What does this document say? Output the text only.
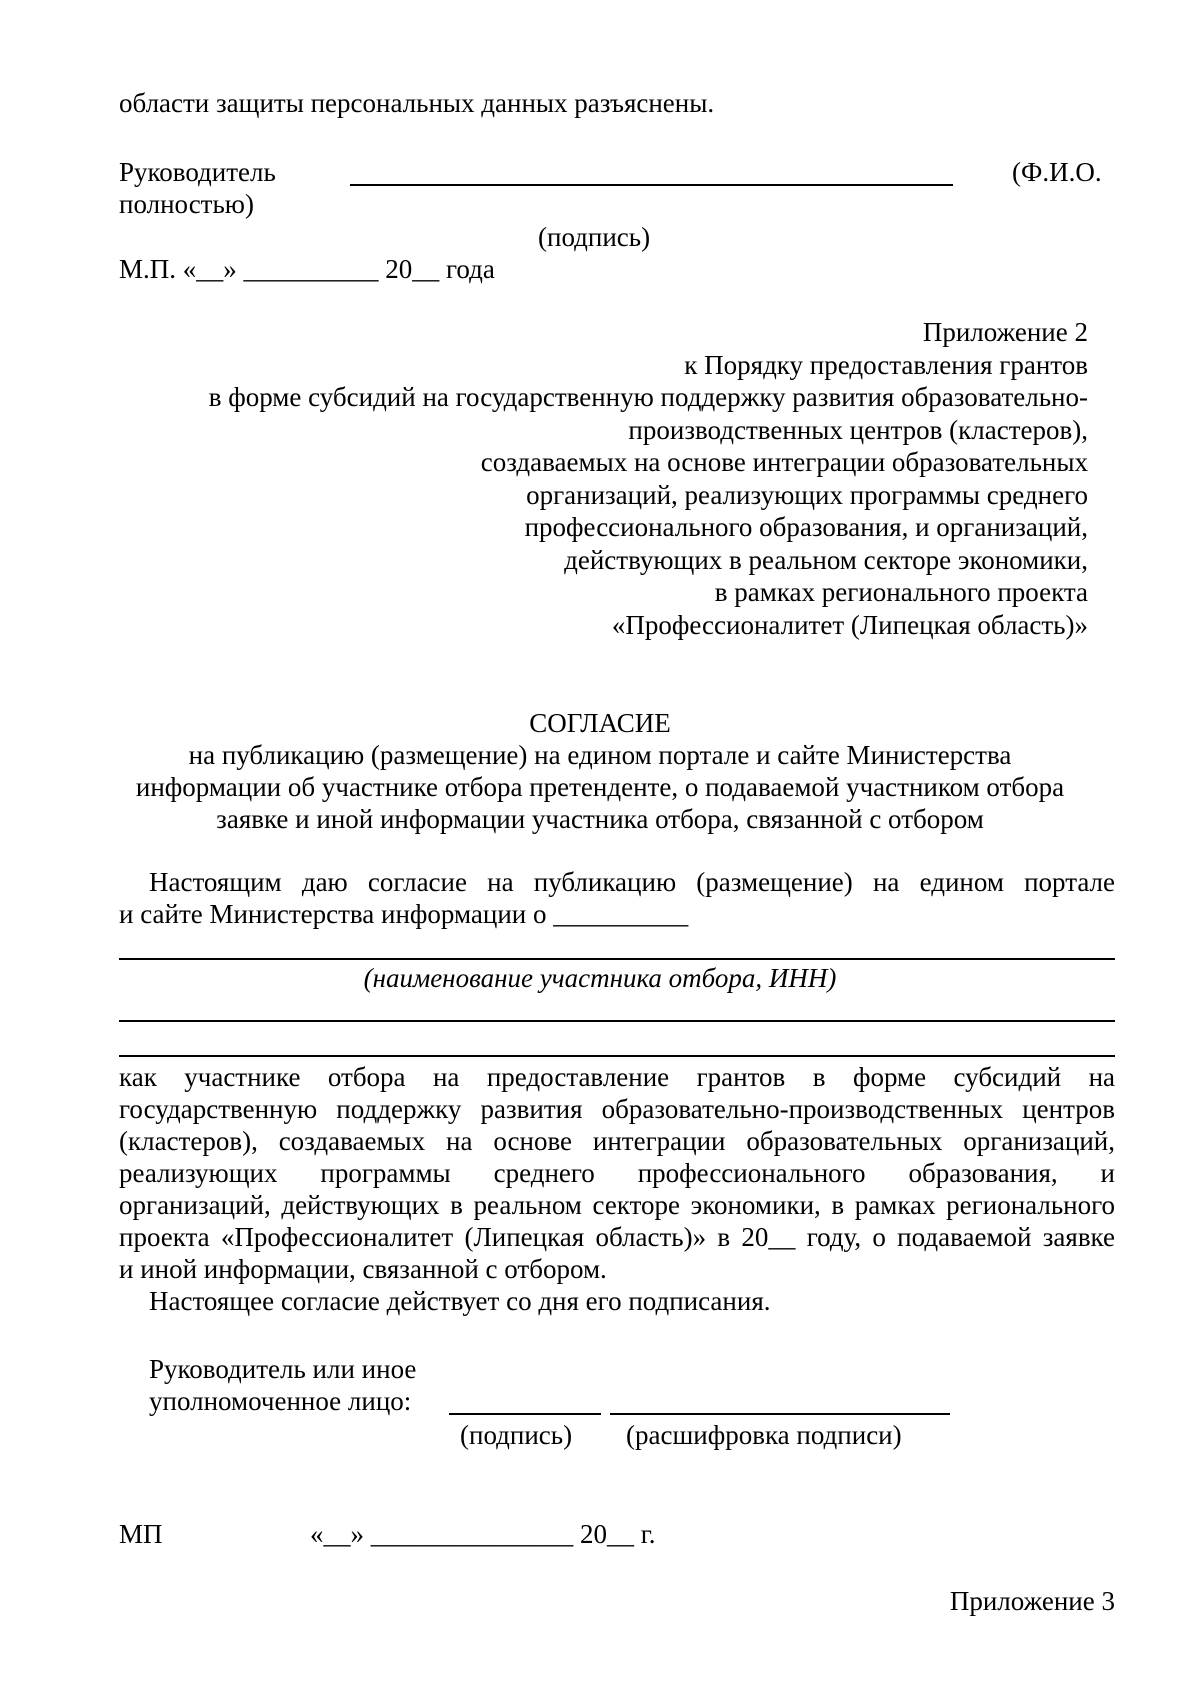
области защиты персональных данных разъяснены.
Руководитель	(Ф.И.О.
полностью)
(подпись)
М.П. «__» __________ 20__ года
Приложение 2
к Порядку предоставления грантов
в форме субсидий на государственную поддержку развития образовательно-
производственных центров (кластеров),
создаваемых на основе интеграции образовательных
организаций, реализующих программы среднего
профессионального образования, и организаций,
действующих в реальном секторе экономики,
в рамках регионального проекта
«Профессионалитет (Липецкая область)»
СОГЛАСИЕ
на публикацию (размещение) на едином портале и сайте Министерства
информации об участнике отбора претенденте, о подаваемой участником отбора
заявке и иной информации участника отбора, связанной с отбором
Настоящим даю согласие на публикацию (размещение) на едином портале
и сайте Министерства информации о __________
(наименование участника отбора, ИНН)
как участнике отбора на предоставление грантов в форме субсидий на
государственную поддержку развития образовательно-производственных центров
(кластеров), создаваемых на основе интеграции образовательных организаций,
реализующих программы среднего профессионального образования, и
организаций, действующих в реальном секторе экономики, в рамках регионального
проекта «Профессионалитет (Липецкая область)» в 20__ году, о подаваемой заявке
и иной информации, связанной с отбором.
Настоящее согласие действует со дня его подписания.
Руководитель или иное
уполномоченное лицо:
(подпись) (расшифровка подписи)
МП	«__» _______________ 20__ г.
Приложение 3
